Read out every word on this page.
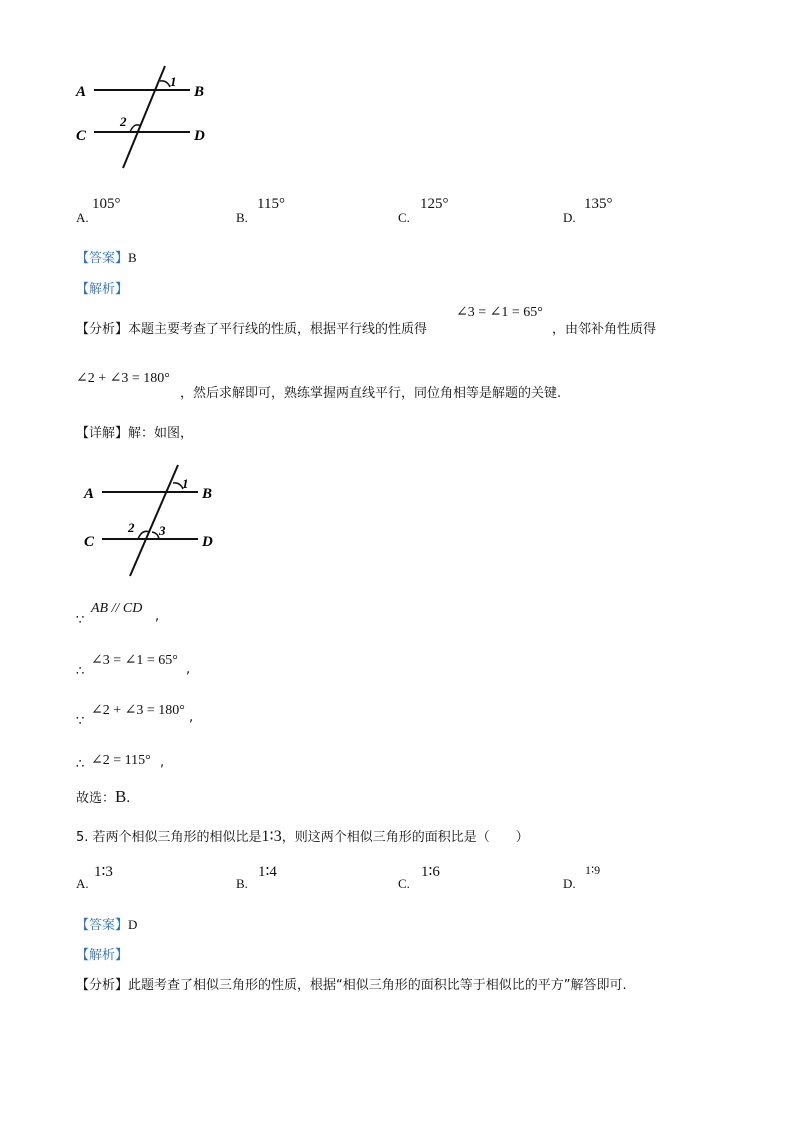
A	B
C	D
1
2
A.
105°
B.
115°
C.
125°
D.
135°
【答案】B
【解析】
【分析】本题主要考查了平行线的性质，根据平行线的性质得
∠3 = ∠1 = 65°
，由邻补角性质得
∠2 + ∠3 = 180°
，然后求解即可，熟练掌握两直线平行，同位角相等是解题的关键.
【详解】解：如图，
A	B
C	D
1
2 3
∵
AB // CD
,
∴
∠3 = ∠1 = 65°
,
∵
∠2 + ∠3 = 180° ,
∴ ∠2 = 115° ,
故选：B.
5. 若两个相似三角形的相似比是1∶3，则这两个相似三角形的面积比是（　　）
A.
1∶3
B.
1∶4
C.
1∶6
D.
1∶9
【答案】D
【解析】
【分析】此题考查了相似三角形的性质，根据“相似三角形的面积比等于相似比的平方”解答即可.
